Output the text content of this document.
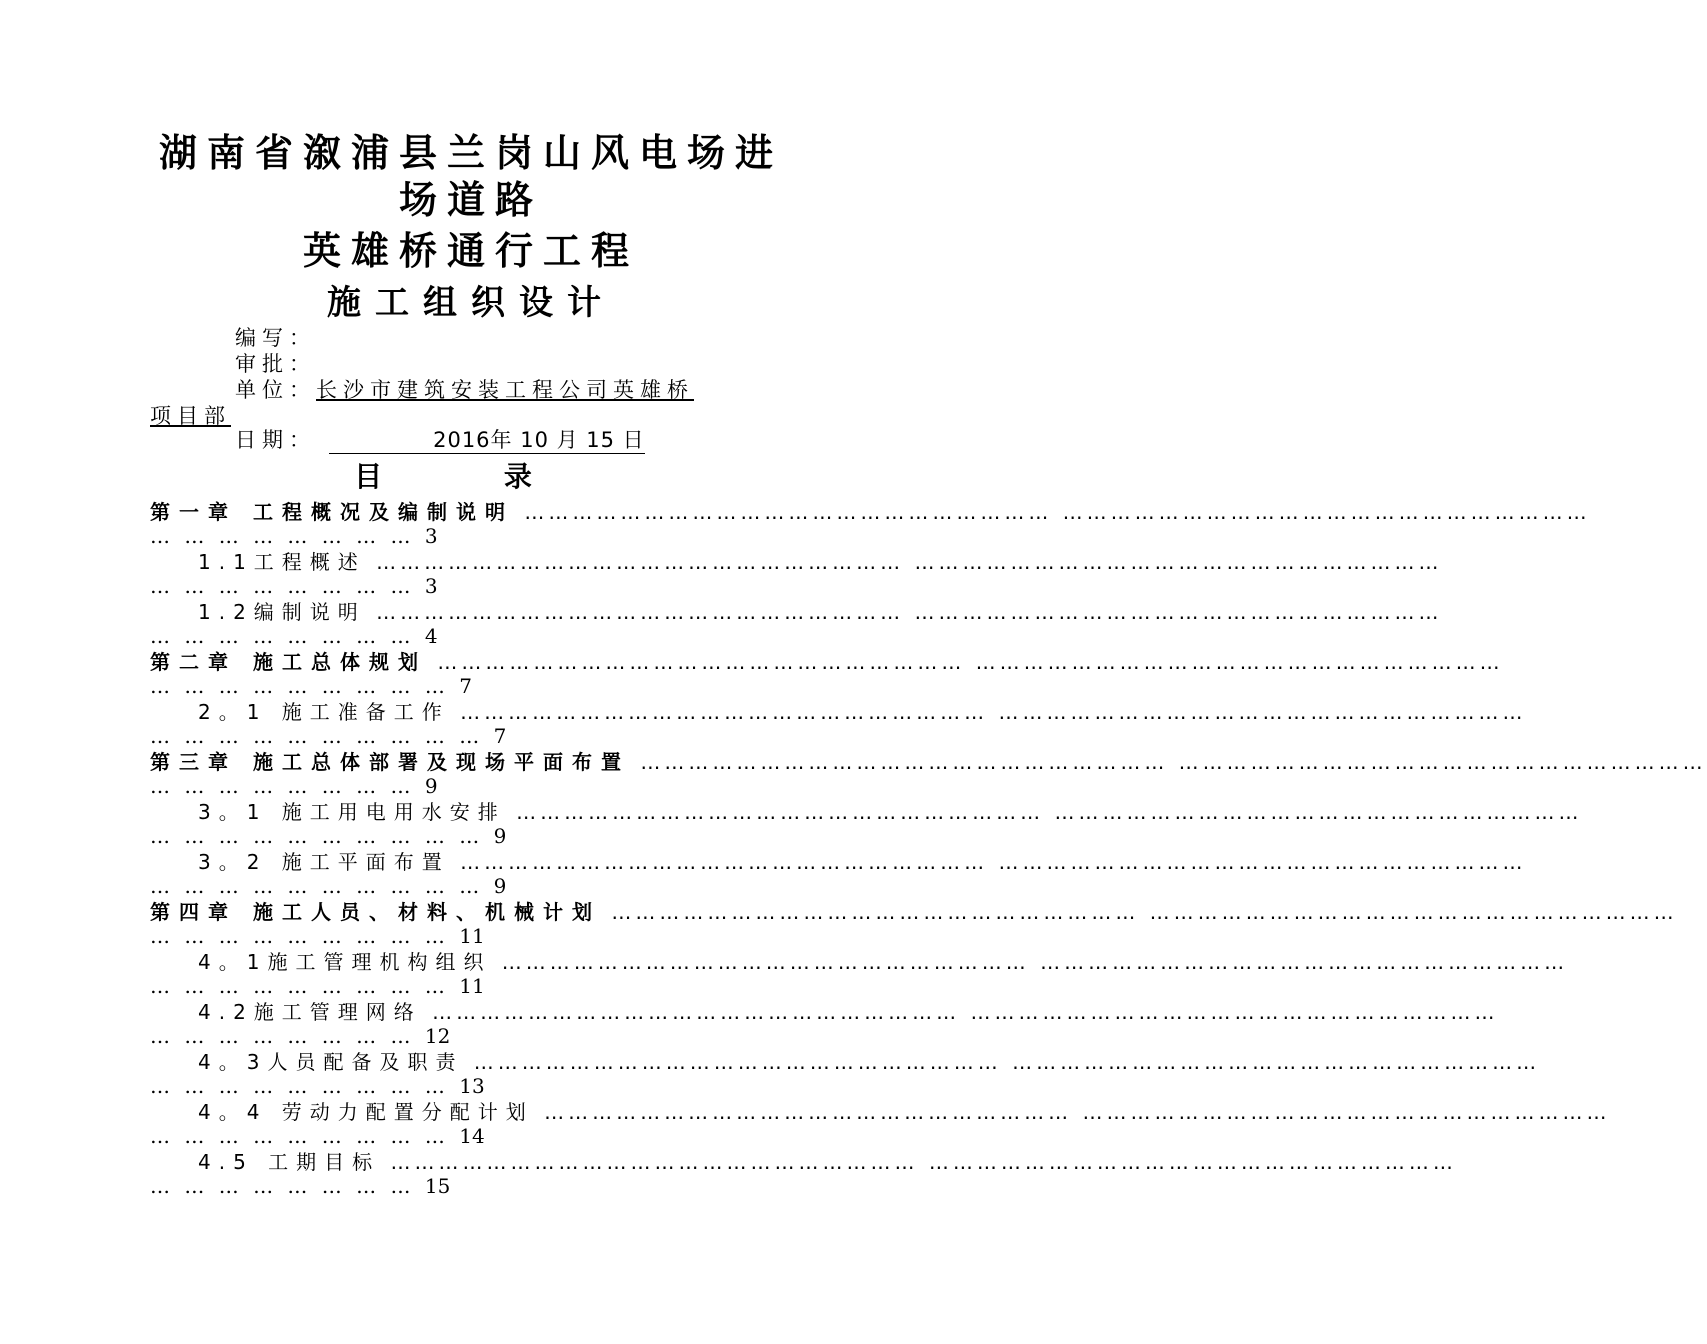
湖南省溆浦县兰岗山风电场进
场道路
英雄桥通行工程
施工组织设计
编写：
审批：
单位：长沙市建筑安装工程公司英雄桥
项目部
日期：	2016年 10 月 15 日
目 录
第一章 工程概况及编制说明 ………………………………………………………… …………………………………………………………
… … … … … … … … 3
1.1工程概述 ………………………………………………………… …………………………………………………………
… … … … … … … … 3
1.2编制说明 ………………………………………………………… …………………………………………………………
… … … … … … … … 4
第二章 施工总体规划 ………………………………………………………… …………………………………………………………
… … … … … … … … … 7
2。1 施工准备工作 ………………………………………………………… …………………………………………………………
… … … … … … … … … … 7
第三章 施工总体部署及现场平面布置 ………………………………………………………… …………………………………………………………
… … … … … … … … 9
3。1 施工用电用水安排 ………………………………………………………… …………………………………………………………
… … … … … … … … … … 9
3。2 施工平面布置 ………………………………………………………… …………………………………………………………
… … … … … … … … … … 9
第四章 施工人员、材料、机械计划 ………………………………………………………… …………………………………………………………
… … … … … … … … … 11
4。1施工管理机构组织 ………………………………………………………… …………………………………………………………
… … … … … … … … … 11
4.2施工管理网络 ………………………………………………………… …………………………………………………………
… … … … … … … … 12
4。3人员配备及职责 ………………………………………………………… …………………………………………………………
… … … … … … … … … 13
4。4 劳动力配置分配计划 ………………………………………………………… …………………………………………………………
… … … … … … … … … 14
4.5 工期目标 ………………………………………………………… …………………………………………………………
… … … … … … … … 15
